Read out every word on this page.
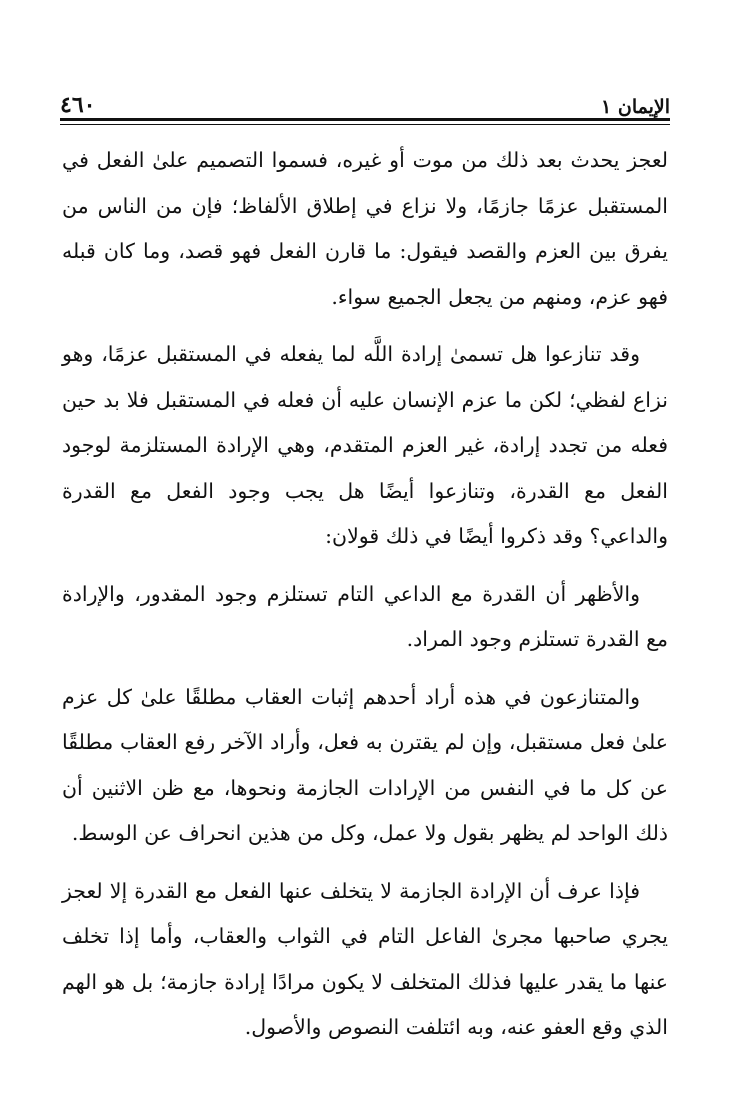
٤٦٠	الإيمان ١

لعجز يحدث بعد ذلك من موت أو غيره، فسموا التصميم علىٰ الفعل في المستقبل عزمًا جازمًا، ولا نزاع في إطلاق الألفاظ؛ فإن من الناس من يفرق بين العزم والقصد فيقول: ما قارن الفعل فهو قصد، وما كان قبله فهو عزم، ومنهم من يجعل الجميع سواء.

وقد تنازعوا هل تسمىٰ إرادة اللَّه لما يفعله في المستقبل عزمًا، وهو نزاع لفظي؛ لكن ما عزم الإنسان عليه أن فعله في المستقبل فلا بد حين فعله من تجدد إرادة، غير العزم المتقدم، وهي الإرادة المستلزمة لوجود الفعل مع القدرة، وتنازعوا أيضًا هل يجب وجود الفعل مع القدرة والداعي؟ وقد ذكروا أيضًا في ذلك قولان:

والأظهر أن القدرة مع الداعي التام تستلزم وجود المقدور، والإرادة مع القدرة تستلزم وجود المراد.

والمتنازعون في هذه أراد أحدهم إثبات العقاب مطلقًا علىٰ كل عزم علىٰ فعل مستقبل، وإن لم يقترن به فعل، وأراد الآخر رفع العقاب مطلقًا عن كل ما في النفس من الإرادات الجازمة ونحوها، مع ظن الاثنين أن ذلك الواحد لم يظهر بقول ولا عمل، وكل من هذين انحراف عن الوسط.

فإذا عرف أن الإرادة الجازمة لا يتخلف عنها الفعل مع القدرة إلا لعجز يجري صاحبها مجرىٰ الفاعل التام في الثواب والعقاب، وأما إذا تخلف عنها ما يقدر عليها فذلك المتخلف لا يكون مرادًا إرادة جازمة؛ بل هو الهم الذي وقع العفو عنه، وبه ائتلفت النصوص والأصول.
